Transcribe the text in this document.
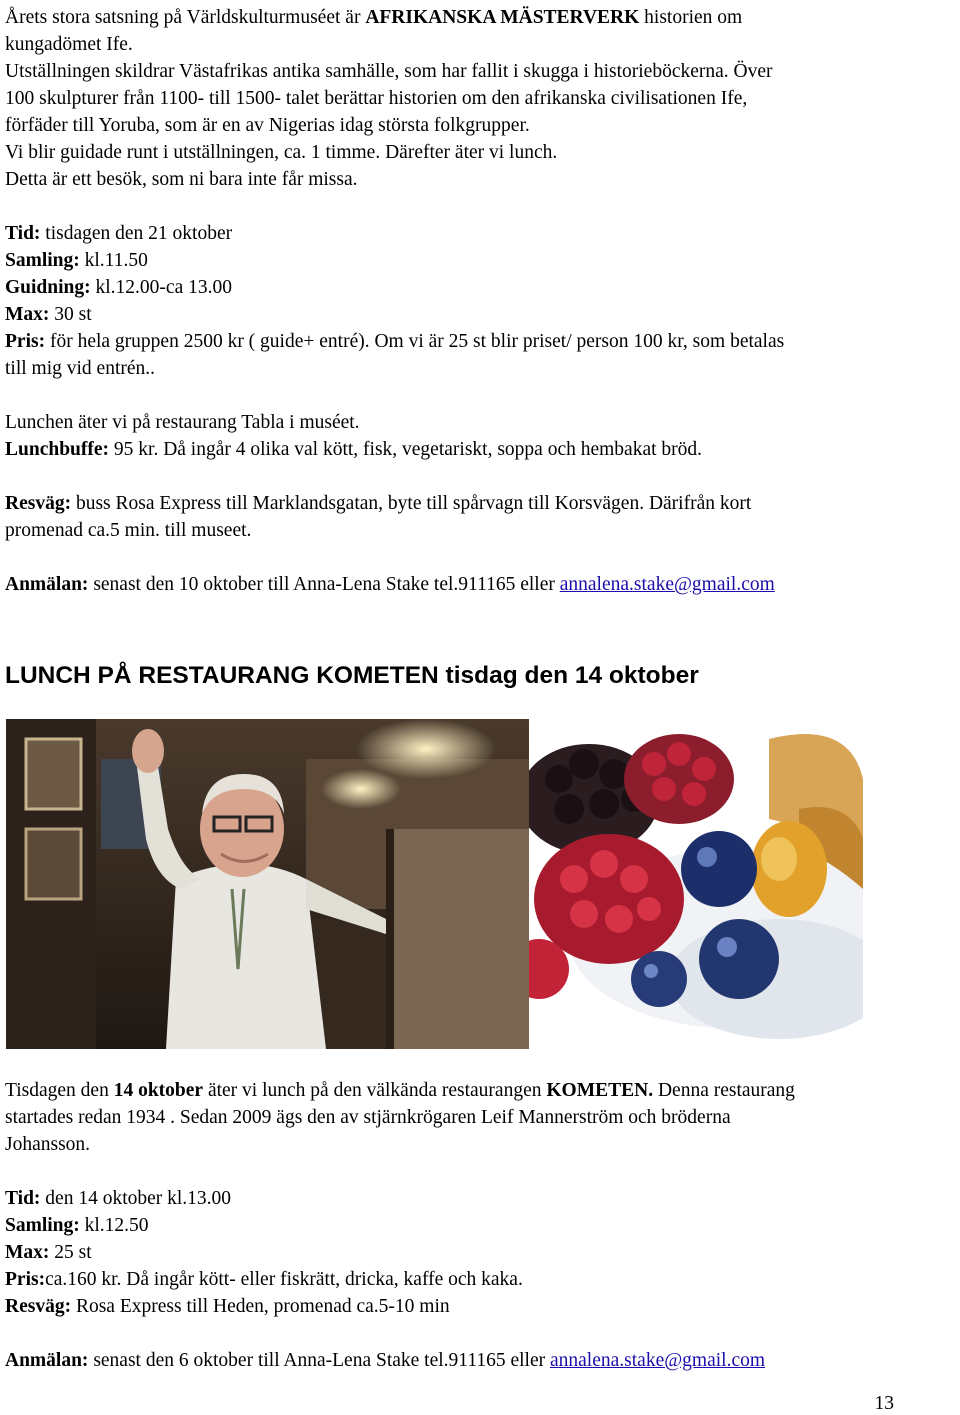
Årets stora satsning på Världskulturmuséet är AFRIKANSKA MÄSTERVERK historien om

kungadömet Ife.

Utställningen skildrar Västafrikas antika samhälle, som har fallit i skugga i historieböckerna. Över

100 skulpturer från 1100- till 1500- talet berättar historien om den afrikanska civilisationen Ife,

förfäder till Yoruba, som är en av Nigerias idag största folkgrupper.

Vi blir guidade runt i utställningen, ca. 1 timme. Därefter äter vi lunch.

Detta är ett besök, som ni bara inte får missa.

Tid: tisdagen den 21 oktober

Samling: kl.11.50

Guidning: kl.12.00-ca 13.00

Max: 30 st

Pris: för hela gruppen 2500 kr ( guide+ entré). Om vi är 25 st blir priset/ person 100 kr, som betalas

till mig vid entrén..

Lunchen äter vi på restaurang Tabla i muséet.

Lunchbuffe: 95 kr. Då ingår 4 olika val kött, fisk, vegetariskt, soppa och hembakat bröd.

Resväg: buss Rosa Express till Marklandsgatan, byte till spårvagn till Korsvägen. Därifrån kort

promenad ca.5 min. till museet.

Anmälan: senast den 10 oktober till Anna-Lena Stake tel.911165 eller annalena.stake@gmail.com

LUNCH PÅ RESTAURANG KOMETEN tisdag den 14 oktober

Tisdagen den 14 oktober äter vi lunch på den välkända restaurangen KOMETEN. Denna restaurang

startades redan 1934 . Sedan 2009 ägs den av stjärnkrögaren Leif Mannerström och bröderna

Johansson.

Tid: den 14 oktober kl.13.00

Samling: kl.12.50

Max: 25 st

Pris:ca.160 kr. Då ingår kött- eller fiskrätt, dricka, kaffe och kaka.

Resväg: Rosa Express till Heden, promenad ca.5-10 min

Anmälan: senast den 6 oktober till Anna-Lena Stake tel.911165 eller annalena.stake@gmail.com

13
